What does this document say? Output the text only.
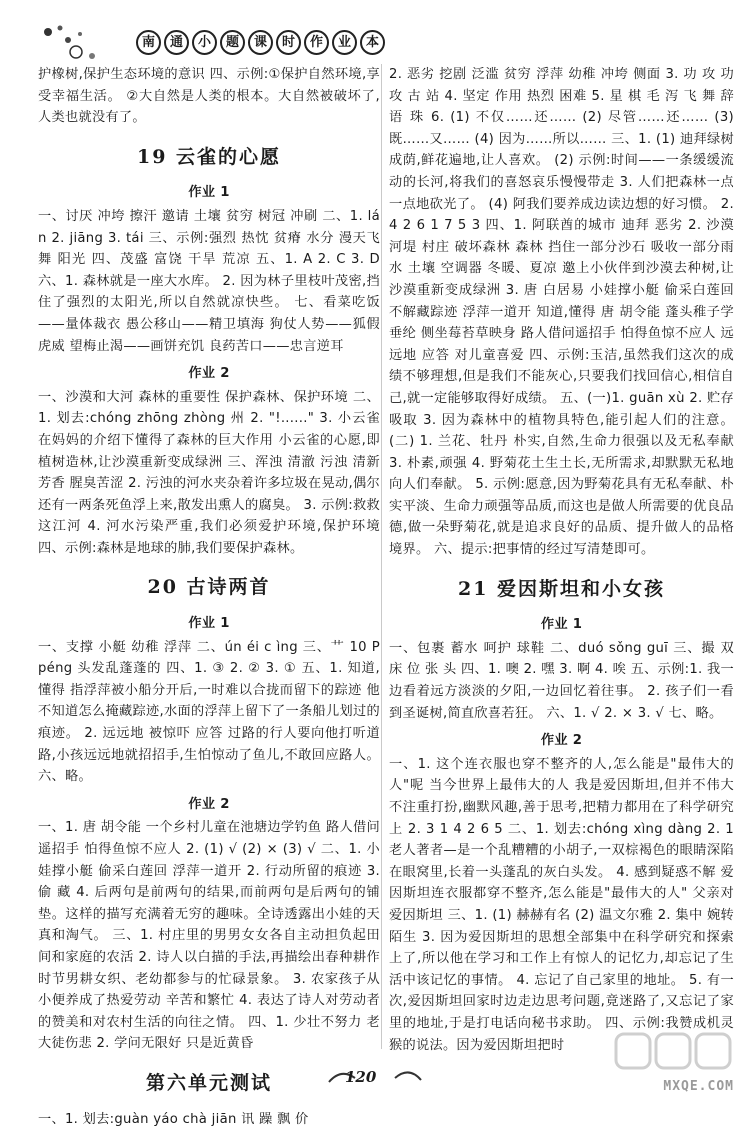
南	通	小	题	课	时	作	业	本

护橡树,保护生态环境的意识 四、示例:①保护自然环境,享受幸福生活。 ②大自然是人类的根本。大自然被破坏了,人类也就没有了。

19 云雀的心愿
作业 1

一、讨厌 冲垮 擦汗 邀请 土壤 贫穷 树冠 冲刷 二、1. lán 2. jiāng 3. tái 三、示例:强烈 热忱 贫瘠 水分 漫天飞舞 阳光 四、茂盛 富饶 干旱 荒凉 五、1. A 2. C 3. D 六、1. 森林就是一座大水库。 2. 因为林子里枝叶茂密,挡住了强烈的太阳光,所以自然就凉快些。 七、看菜吃饭——量体裁衣 愚公移山——精卫填海 狗仗人势——狐假虎威 望梅止渴——画饼充饥 良药苦口——忠言逆耳

作业 2

一、沙漠和大河 森林的重要性 保护森林、保护环境 二、1. 划去:chóng zhōng zhòng 州 2. "!......" 3. 小云雀在妈妈的介绍下懂得了森林的巨大作用 小云雀的心愿,即植树造林,让沙漠重新变成绿洲 三、浑浊 清澈 污浊 清新芳香 腥臭苦涩 2. 污浊的河水夹杂着许多垃圾在晃动,偶尔还有一两条死鱼浮上来,散发出熏人的腐臭。 3. 示例:救救这江河 4. 河水污染严重,我们必须爱护环境,保护环境 四、示例:森林是地球的肺,我们要保护森林。

20 古诗两首
作业 1

一、支撑 小艇 幼稚 浮萍 二、ún éi c ìng 三、⺾ 10 P péng 头发乱蓬蓬的 四、1. ③ 2. ② 3. ① 五、1. 知道,懂得 指浮萍被小船分开后,一时难以合拢而留下的踪迹 他不知道怎么掩藏踪迹,水面的浮萍上留下了一条船儿划过的痕迹。 2. 远远地 被惊吓 应答 过路的行人要向他打听道路,小孩远远地就招招手,生怕惊动了鱼儿,不敢回应路人。 六、略。

作业 2

一、1. 唐 胡令能 一个乡村儿童在池塘边学钓鱼 路人借问遥招手 怕得鱼惊不应人 2. (1) √ (2) × (3) √ 二、1. 小娃撑小艇 偷采白莲回 浮萍一道开 2. 行动所留的痕迹 3. 偷 藏 4. 后两句是前两句的结果,而前两句是后两句的铺垫。这样的描写充满着无穷的趣味。全诗透露出小娃的天真和淘气。 三、1. 村庄里的男男女女各自主动担负起田间和家庭的农活 2. 诗人以白描的手法,再描绘出春种耕作时节男耕女织、老幼都参与的忙碌景象。 3. 农家孩子从小便养成了热爱劳动 辛苦和繁忙 4. 表达了诗人对劳动者的赞美和对农村生活的向往之情。 四、1. 少壮不努力 老大徒伤悲 2. 学问无限好 只是近黄昏

第六单元测试

一、1. 划去:guàn yáo chà jiān 讯 躁 飘 价

2. 恶劣 挖剧 泛滥 贫穷 浮萍 幼稚 冲垮 侧面 3. 功 攻 功 攻 古 站 4. 坚定 作用 热烈 困难 5. 星 棋 毛 泻 飞 舞 辞 语 珠 6. (1) 不仅……还…… (2) 尽管……还…… (3) 既……又…… (4) 因为……所以…… 三、1. (1) 迪拜绿树成荫,鲜花遍地,让人喜欢。 (2) 示例:时间——一条缓缓流动的长河,将我们的喜怒哀乐慢慢带走 3. 人们把森林一点一点地砍光了。 (4) 阿我们要养成边读边想的好习惯。 2. 4 2 6 1 7 5 3 四、1. 阿联酋的城市 迪拜 恶劣 2. 沙漠 河堤 村庄 破坏森林 森林 挡住一部分沙石 吸收一部分雨水 土壤 空调器 冬暖、夏凉 邀上小伙伴到沙漠去种树,让沙漠重新变成绿洲 3. 唐 白居易 小娃撑小艇 偷采白莲回 不解藏踪迹 浮萍一道开 知道,懂得 唐 胡令能 蓬头稚子学垂纶 侧坐莓苔草映身 路人借问遥招手 怕得鱼惊不应人 远远地 应答 对儿童喜爱 四、示例:玉洁,虽然我们这次的成绩不够理想,但是我们不能灰心,只要我们找回信心,相信自己,就一定能够取得好成绩。 五、(一)1. guān xù 2. 贮存 吸取 3. 因为森林中的植物具特色,能引起人们的注意。 (二) 1. 兰花、牡丹 朴实,自然,生命力很强以及无私奉献 3. 朴素,顽强 4. 野菊花土生土长,无所需求,却默默无私地向人们奉献。 5. 示例:愿意,因为野菊花具有无私奉献、朴实平淡、生命力顽强等品质,而这也是做人所需要的优良品德,做一朵野菊花,就是追求良好的品质、提升做人的品格境界。 六、提示:把事情的经过写清楚即可。

21 爱因斯坦和小女孩
作业 1

一、包裹 蓄水 呵护 球鞋 二、duó sǒng guī 三、撮 双 床 位 张 头 四、1. 噢 2. 嘿 3. 啊 4. 唉 五、示例:1. 我一边看着远方淡淡的夕阳,一边回忆着往事。 2. 孩子们一看到圣诞树,简直欣喜若狂。 六、1. √ 2. × 3. √ 七、略。

作业 2

一、1. 这个连衣服也穿不整齐的人,怎么能是"最伟大的人"呢 当今世界上最伟大的人 我是爱因斯坦,但并不伟大 不注重打扮,幽默风趣,善于思考,把精力都用在了科学研究上 2. 3 1 4 2 6 5 二、1. 划去:chóng xìng dàng 2. 1 老人著者—是一个乱糟糟的小胡子,一双棕褐色的眼睛深陷在眼窝里,长着一头蓬乱的灰白头发。 4. 感到疑惑不解 爱因斯坦连衣服都穿不整齐,怎么能是"最伟大的人" 父亲对爱因斯坦 三、1. (1) 赫赫有名 (2) 温文尔雅 2. 集中 婉转 陌生 3. 因为爱因斯坦的思想全部集中在科学研究和探索上了,所以他在学习和工作上有惊人的记忆力,却忘记了生活中该记忆的事情。 4. 忘记了自己家里的地址。 5. 有一次,爱因斯坦回家时边走边思考问题,竟迷路了,又忘记了家里的地址,于是打电话向秘书求助。 四、示例:我赞成机灵猴的说法。因为爱因斯坦把时

120
MXQE.COM
